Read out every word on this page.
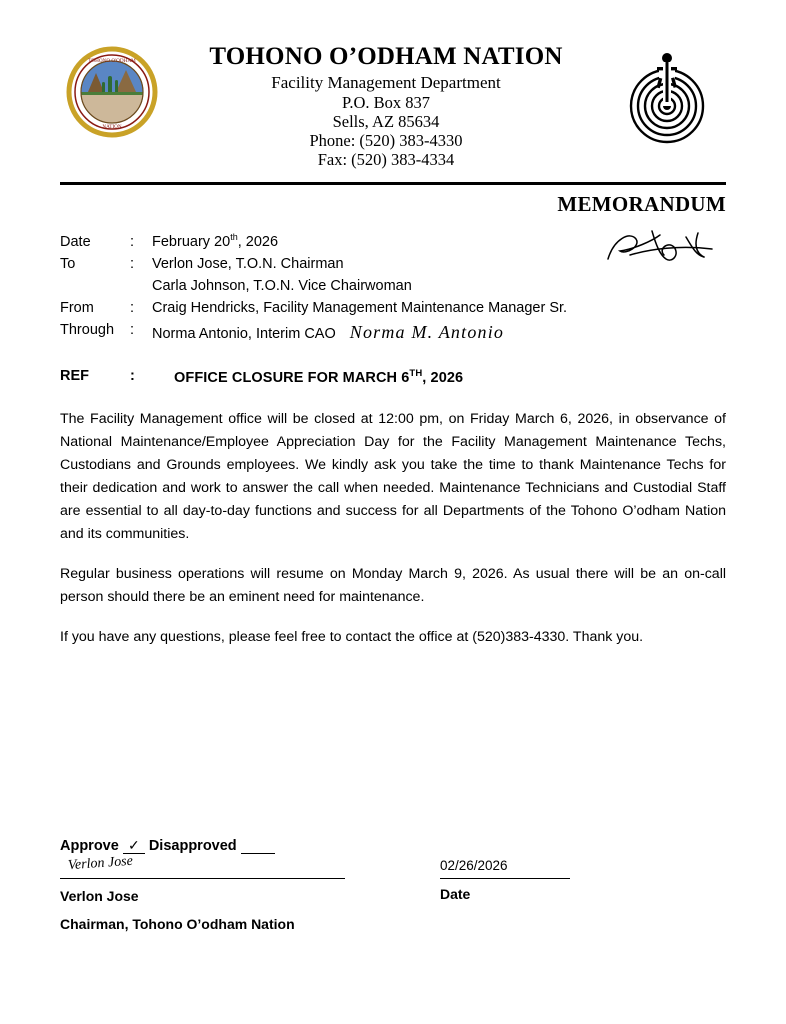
TOHONO O'ODHAM
NATION
TOHONO O’ODHAM NATION
Facility Management Department
P.O. Box 837
Sells, AZ 85634
Phone: (520) 383-4330
Fax: (520) 383-4334
MEMORANDUM
Date	:	February 20th, 2026
To	:	Verlon Jose, T.O.N. Chairman
Carla Johnson, T.O.N. Vice Chairwoman
From	:	Craig Hendricks, Facility Management Maintenance Manager Sr.
Through	:	Norma Antonio, Interim CAO Norma M. Antonio
REF	:	OFFICE CLOSURE FOR MARCH 6TH, 2026

The Facility Management office will be closed at 12:00 pm, on Friday March 6, 2026, in observance of National Maintenance/Employee Appreciation Day for the Facility Management Maintenance Techs, Custodians and Grounds employees. We kindly ask you take the time to thank Maintenance Techs for their dedication and work to answer the call when needed. Maintenance Technicians and Custodial Staff are essential to all day-to-day functions and success for all Departments of the Tohono O’odham Nation and its communities.

Regular business operations will resume on Monday March 9, 2026. As usual there will be an on-call person should there be an eminent need for maintenance.

If you have any questions, please feel free to contact the office at (520)383-4330. Thank you.

Approve ✓ Disapproved
Verlon Jose
Verlon Jose
Chairman, Tohono O’odham Nation
02/26/2026
Date
